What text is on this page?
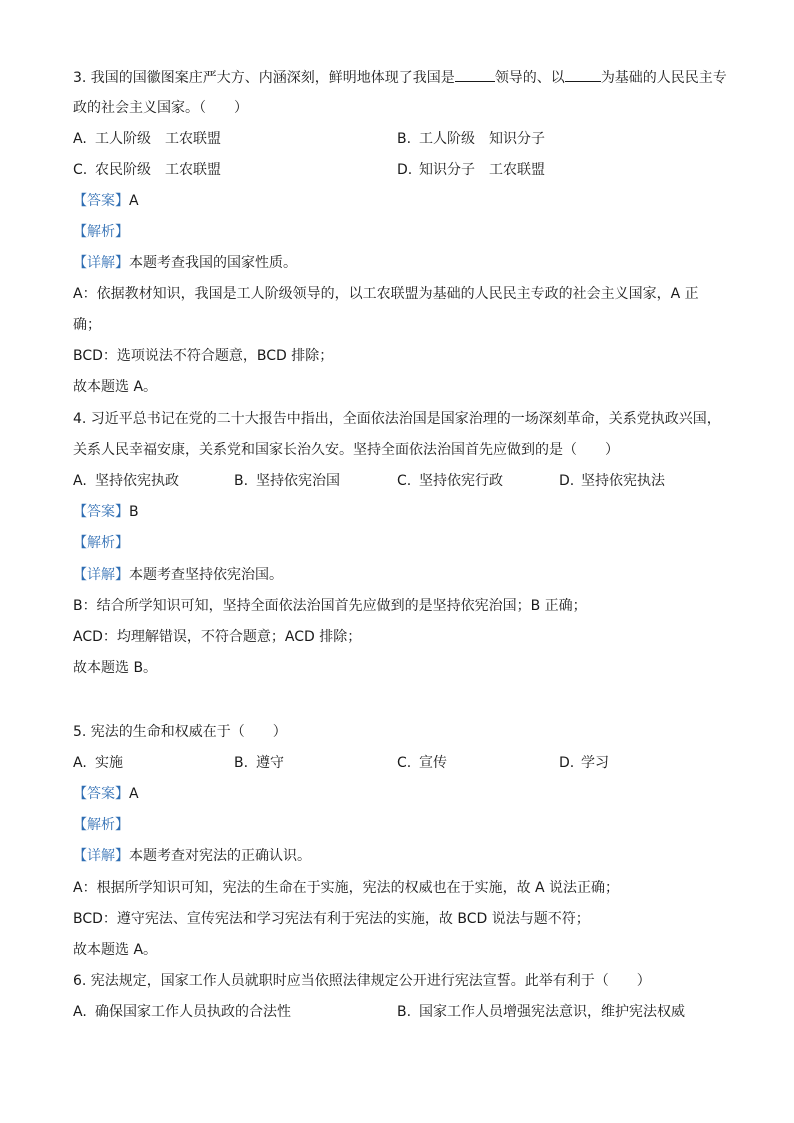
3. 我国的国徽图案庄严大方、内涵深刻，鲜明地体现了我国是	领导的、以	为基础的人民民主专
政的社会主义国家。（　　）
A. 工人阶级　工农联盟	B. 工人阶级　知识分子
C. 农民阶级　工农联盟	D. 知识分子　工农联盟
【答案】A
【解析】
【详解】本题考查我国的国家性质。
A：依据教材知识，我国是工人阶级领导的，以工农联盟为基础的人民民主专政的社会主义国家，A 正
确；
BCD：选项说法不符合题意，BCD 排除；
故本题选 A。
4. 习近平总书记在党的二十大报告中指出，全面依法治国是国家治理的一场深刻革命，关系党执政兴国，
关系人民幸福安康，关系党和国家长治久安。坚持全面依法治国首先应做到的是（　　）
A. 坚持依宪执政	B. 坚持依宪治国	C. 坚持依宪行政	D. 坚持依宪执法
【答案】B
【解析】
【详解】本题考查坚持依宪治国。
B：结合所学知识可知，坚持全面依法治国首先应做到的是坚持依宪治国；B 正确；
ACD：均理解错误，不符合题意；ACD 排除；
故本题选 B。
5. 宪法的生命和权威在于（　　）
A. 实施	B. 遵守	C. 宣传	D. 学习
【答案】A
【解析】
【详解】本题考查对宪法的正确认识。
A：根据所学知识可知，宪法的生命在于实施，宪法的权威也在于实施，故 A 说法正确；
BCD：遵守宪法、宣传宪法和学习宪法有利于宪法的实施，故 BCD 说法与题不符；
故本题选 A。
6. 宪法规定，国家工作人员就职时应当依照法律规定公开进行宪法宣誓。此举有利于（　　）
A. 确保国家工作人员执政的合法性	B. 国家工作人员增强宪法意识，维护宪法权威
